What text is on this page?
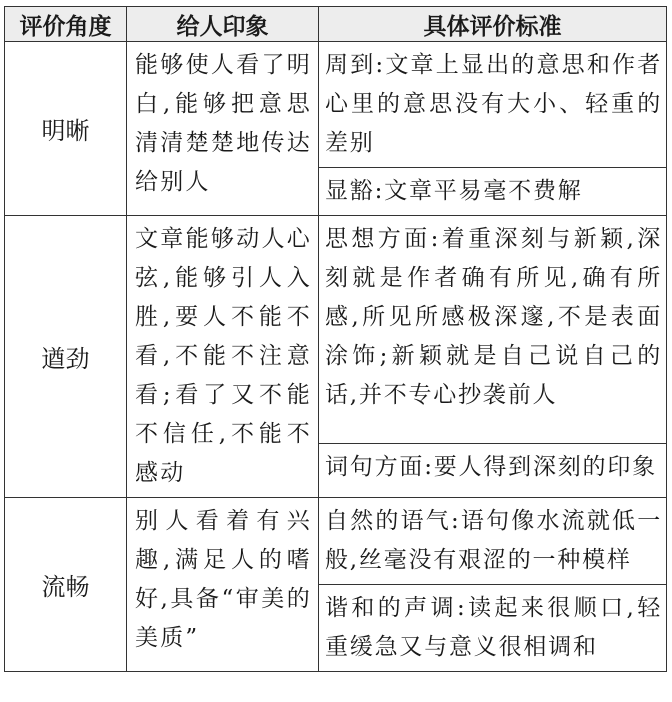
评价角度	给人印象	具体评价标准
明晰	能够使人看了明白,能够把意思清清楚楚地传达给别人	周到:文章上显出的意思和作者心里的意思没有大小、轻重的差别
		显豁:文章平易毫不费解
遒劲	文章能够动人心弦,能够引人入胜,要人不能不看,不能不注意看;看了又不能不信任,不能不感动	思想方面:着重深刻与新颖,深刻就是作者确有所见,确有所感,所见所感极深邃,不是表面涂饰;新颖就是自己说自己的话,并不专心抄袭前人
		词句方面:要人得到深刻的印象
流畅	别人看着有兴趣,满足人的嗜好,具备“审美的美质”	自然的语气:语句像水流就低一般,丝毫没有艰涩的一种模样
		谐和的声调:读起来很顺口,轻重缓急又与意义很相调和
